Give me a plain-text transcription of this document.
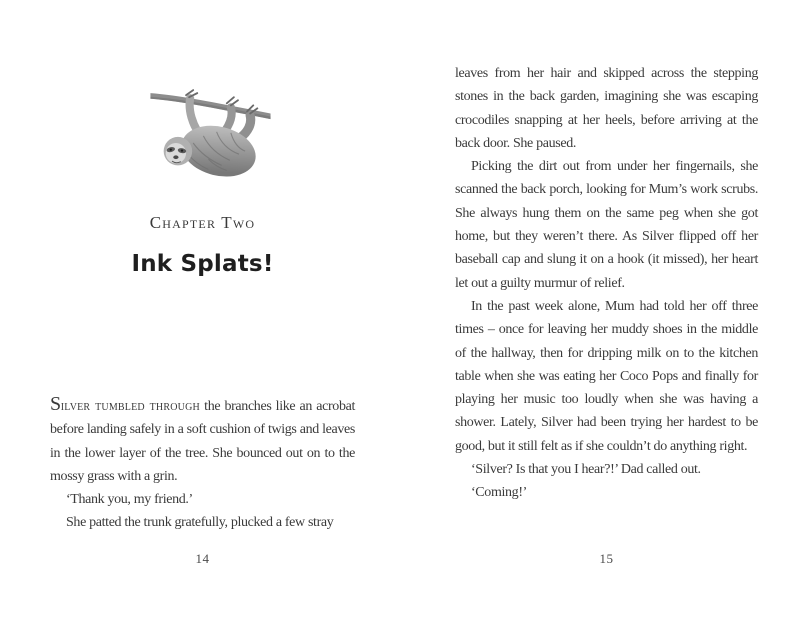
Chapter Two
Ink Splats!

Silver tumbled through the branches like an acrobat before landing safely in a soft cushion of twigs and leaves in the lower layer of the tree. She bounced out on to the mossy grass with a grin.

‘Thank you, my friend.’

She patted the trunk gratefully, plucked a few stray

14

leaves from her hair and skipped across the stepping stones in the back garden, imagining she was escaping crocodiles snapping at her heels, before arriving at the back door. She paused.

Picking the dirt out from under her fingernails, she scanned the back porch, looking for Mum’s work scrubs. She always hung them on the same peg when she got home, but they weren’t there. As Silver flipped off her baseball cap and slung it on a hook (it missed), her heart let out a guilty murmur of relief.

In the past week alone, Mum had told her off three times – once for leaving her muddy shoes in the middle of the hallway, then for dripping milk on to the kitchen table when she was eating her Coco Pops and finally for playing her music too loudly when she was having a shower. Lately, Silver had been trying her hardest to be good, but it still felt as if she couldn’t do anything right.

‘Silver? Is that you I hear?!’ Dad called out.

‘Coming!’

15
